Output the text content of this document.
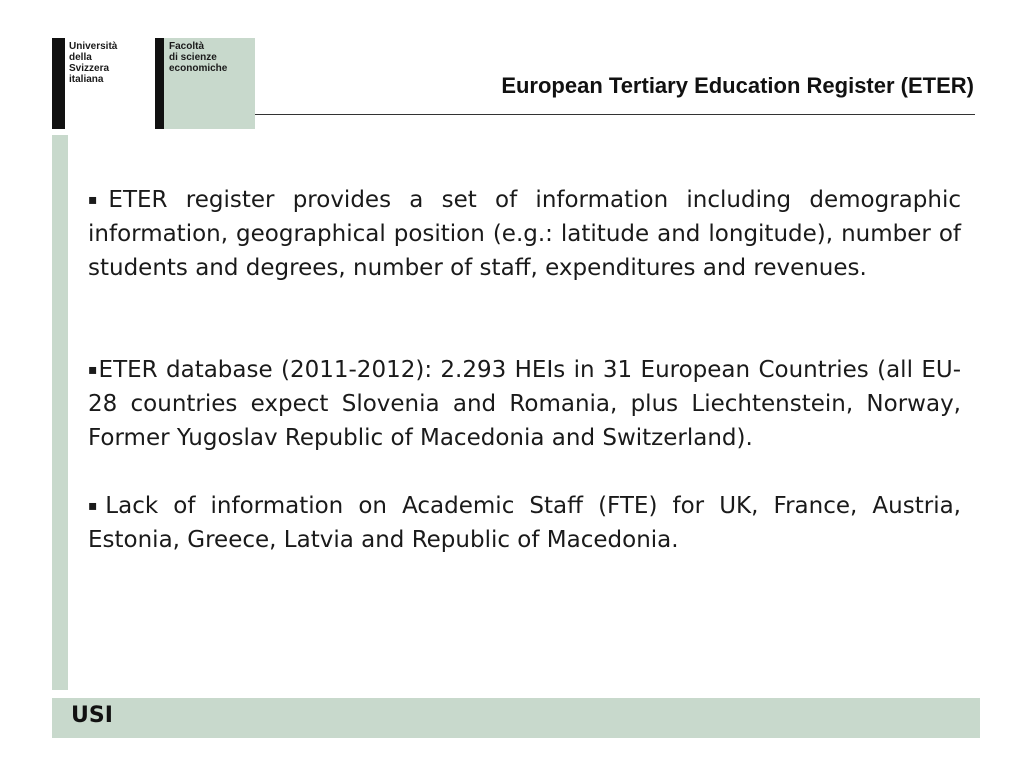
Università
della
Svizzera
italiana
Facoltà
di scienze
economiche
European Tertiary Education Register (ETER)

▪ETER register provides a set of information including demographic information, geographical position (e.g.: latitude and longitude), number of students and degrees, number of staff, expenditures and revenues.

▪ETER database (2011-2012): 2.293 HEIs in 31 European Countries (all EU-28 countries expect Slovenia and Romania, plus Liechtenstein, Norway, Former Yugoslav Republic of Macedonia and Switzerland).

▪Lack of information on Academic Staff (FTE) for UK, France, Austria, Estonia, Greece, Latvia and Republic of Macedonia.

USI
